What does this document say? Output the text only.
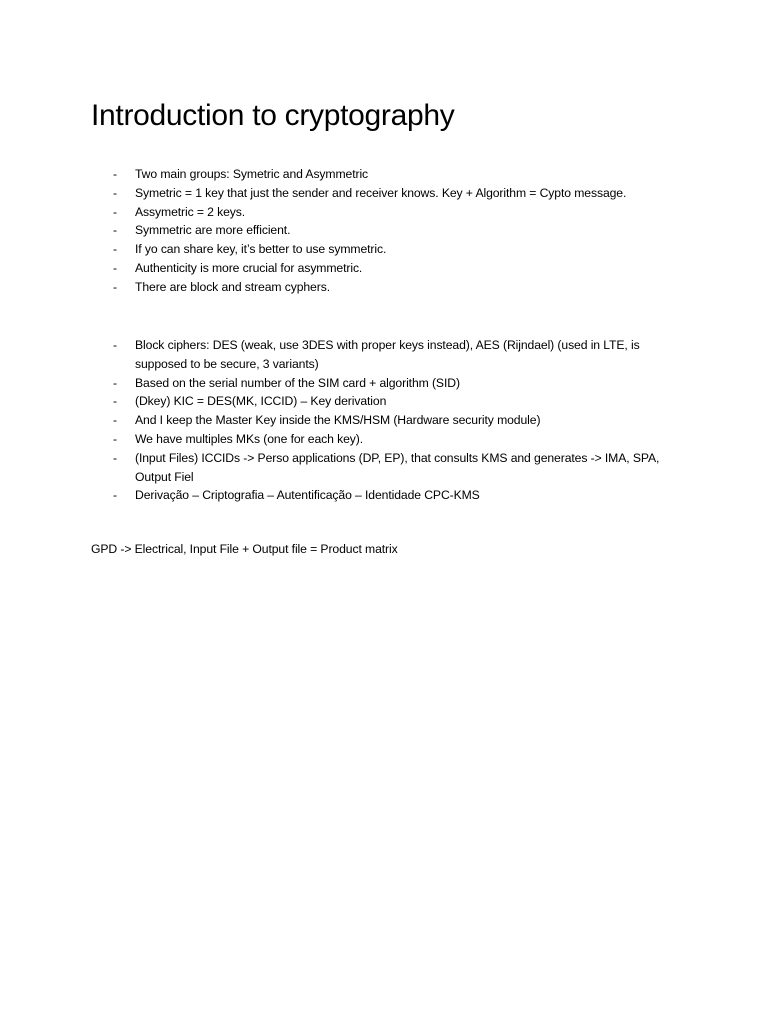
Introduction to cryptography
- Two main groups: Symetric and Asymmetric
- Symetric = 1 key that just the sender and receiver knows. Key + Algorithm = Cypto message.
- Assymetric = 2 keys.
- Symmetric are more efficient.
- If yo can share key, it’s better to use symmetric.
- Authenticity is more crucial for asymmetric.
- There are block and stream cyphers.
- Block ciphers: DES (weak, use 3DES with proper keys instead), AES (Rijndael) (used in LTE, is supposed to be secure, 3 variants)
- Based on the serial number of the SIM card + algorithm (SID)
- (Dkey) KIC = DES(MK, ICCID) – Key derivation
- And I keep the Master Key inside the KMS/HSM (Hardware security module)
- We have multiples MKs (one for each key).
- (Input Files) ICCIDs -> Perso applications (DP, EP), that consults KMS and generates -> IMA, SPA, Output Fiel
- Derivação – Criptografia – Autentificação – Identidade CPC-KMS

GPD -> Electrical, Input File + Output file = Product matrix
